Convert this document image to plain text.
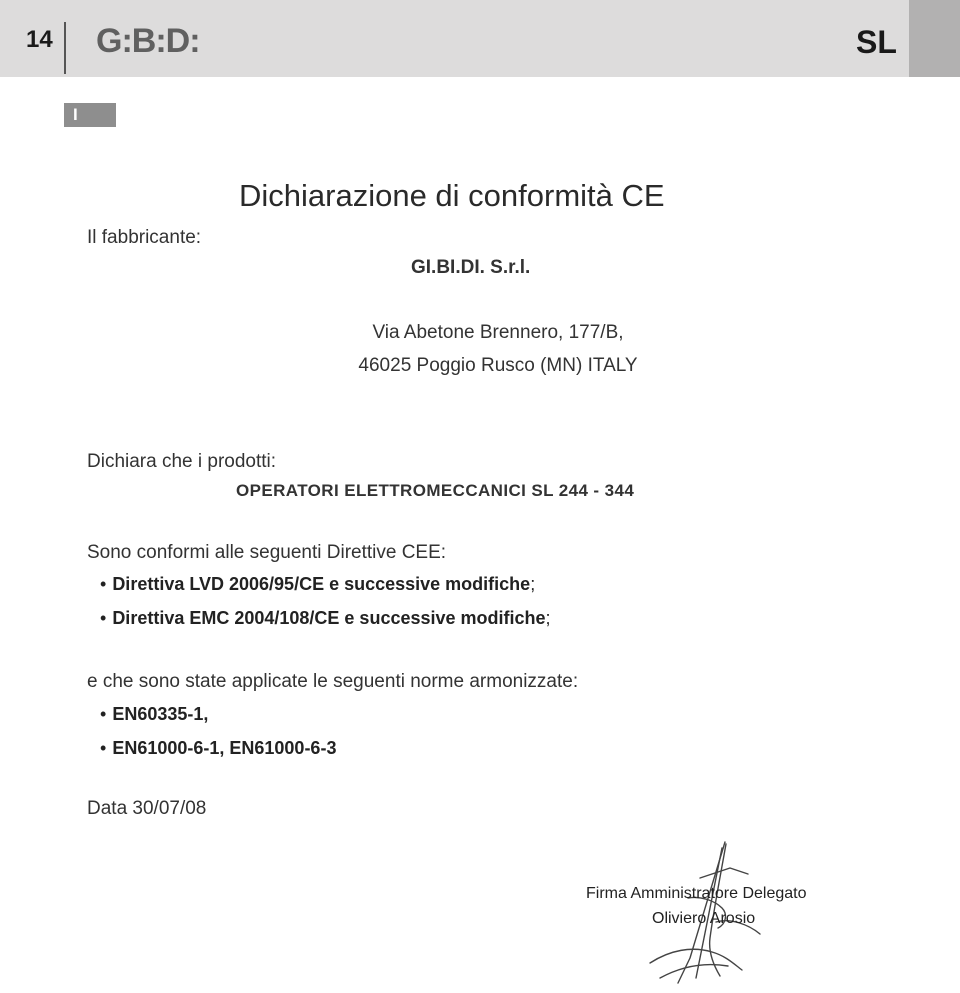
14 G:B:D:	SL
I
Dichiarazione di conformità CE
Il fabbricante:
GI.BI.DI. S.r.l.
Via Abetone Brennero, 177/B,
46025 Poggio Rusco (MN) ITALY
Dichiara che i prodotti:
OPERATORI ELETTROMECCANICI SL 244 - 344
Sono conformi alle seguenti Direttive CEE:
• Direttiva LVD 2006/95/CE e successive modifiche;
• Direttiva EMC 2004/108/CE e successive modifiche;
e che sono state applicate le seguenti norme armonizzate:
• EN60335-1,
• EN61000-6-1, EN61000-6-3
Data 30/07/08
Firma Amministratore Delegato
Oliviero Arosio
